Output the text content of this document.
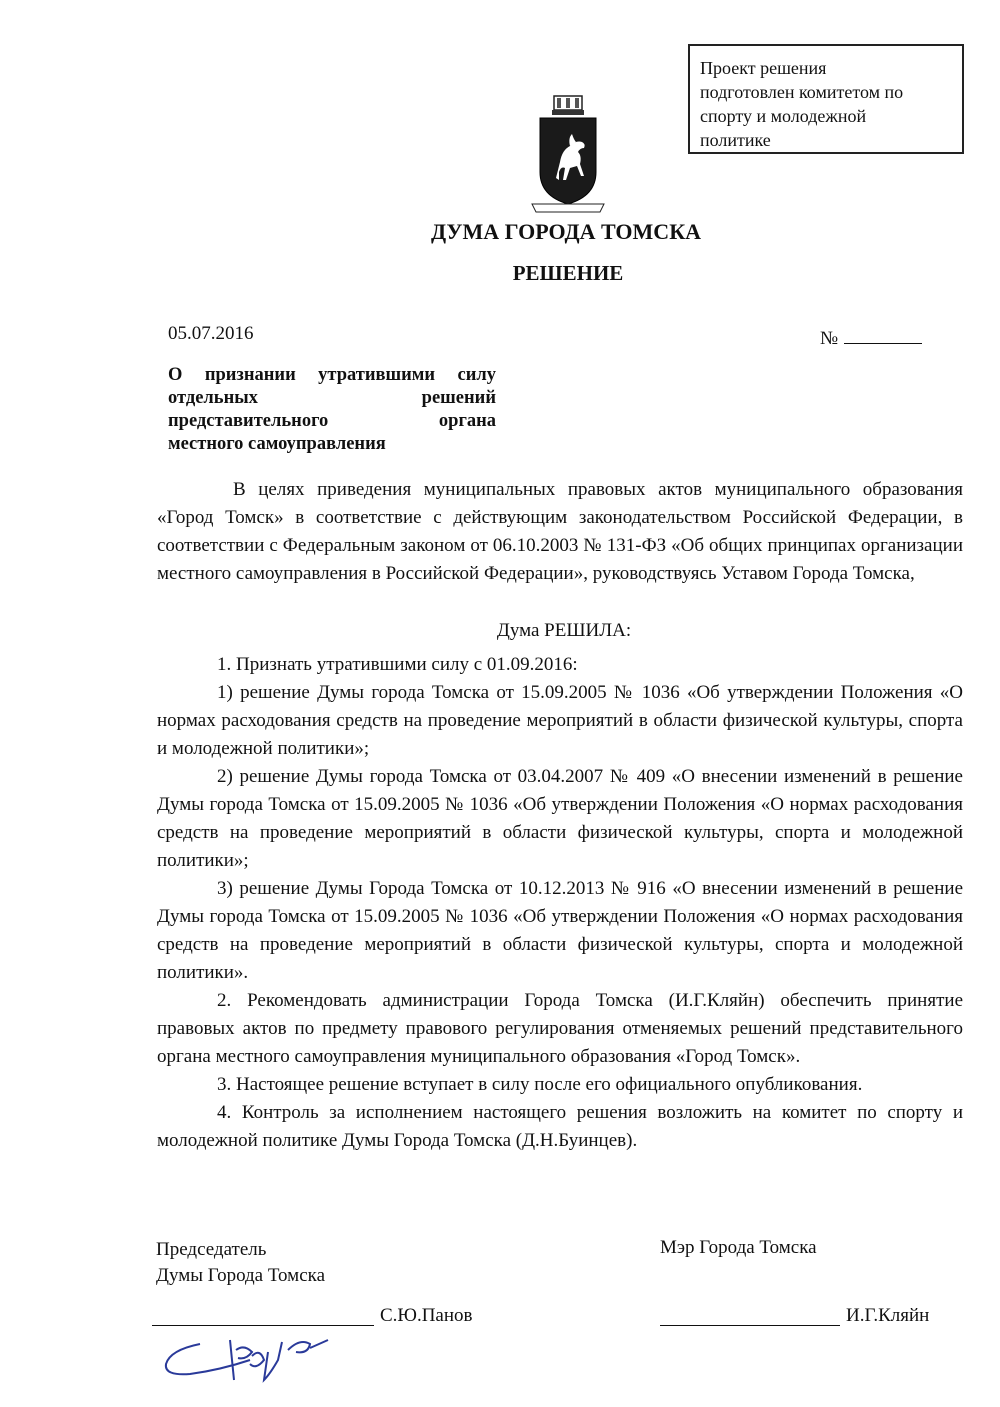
Проект решения
подготовлен комитетом по
спорту и молодежной
политике
ДУМА ГОРОДА ТОМСКА
РЕШЕНИЕ
05.07.2016	№
О признании утратившими силу
отдельных решений
представительного органа
местного самоуправления

В целях приведения муниципальных правовых актов муниципального образования «Город Томск» в соответствие с действующим законодательством Российской Федерации, в соответствии с Федеральным законом от 06.10.2003 № 131-ФЗ «Об общих принципах организации местного самоуправления в Российской Федерации», руководствуясь Уставом Города Томска,

Дума РЕШИЛА:

1. Признать утратившими силу с 01.09.2016:

1) решение Думы города Томска от 15.09.2005 № 1036 «Об утверждении Положения «О нормах расходования средств на проведение мероприятий в области физической культуры, спорта и молодежной политики»;

2) решение Думы города Томска от 03.04.2007 № 409 «О внесении изменений в решение Думы города Томска от 15.09.2005 № 1036 «Об утверждении Положения «О нормах расходования средств на проведение мероприятий в области физической культуры, спорта и молодежной политики»;

3) решение Думы Города Томска от 10.12.2013 № 916 «О внесении изменений в решение Думы города Томска от 15.09.2005 № 1036 «Об утверждении Положения «О нормах расходования средств на проведение мероприятий в области физической культуры, спорта и молодежной политики».

2. Рекомендовать администрации Города Томска (И.Г.Кляйн) обеспечить принятие правовых актов по предмету правового регулирования отменяемых решений представительного органа местного самоуправления муниципального образования «Город Томск».

3. Настоящее решение вступает в силу после его официального опубликования.

4. Контроль за исполнением настоящего решения возложить на комитет по спорту и молодежной политике Думы Города Томска (Д.Н.Буинцев).

Председатель
Думы Города Томска
Мэр Города Томска
С.Ю.Панов	И.Г.Кляйн
